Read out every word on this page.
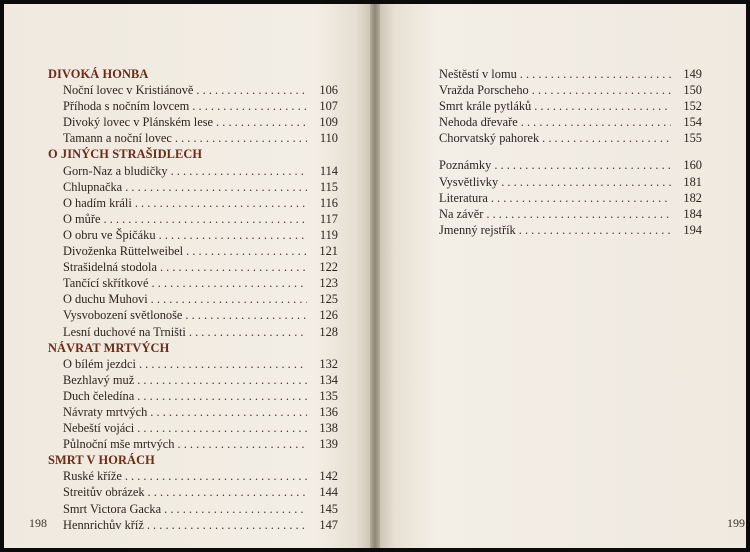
DIVOKÁ HONBA
Noční lovec v Kristiánově . . .	106
Příhoda s nočním lovcem . . .	107
Divoký lovec v Plánském lese . . .	109
Tamann a noční lovec . . .	110
O JINÝCH STRAŠIDLECH
Gorn-Naz a bludičky . . .	114
Chlupnačka . . .	115
O hadím králi . . .	116
O můře . . .	117
O obru ve Špičáku . . .	119
Divoženka Rüttelweibel . . .	121
Strašidelná stodola . . .	122
Tančící skřítkové . . .	123
O duchu Muhovi . . .	125
Vysvobození světlonoše . . .	126
Lesní duchové na Trništi . . .	128
NÁVRAT MRTVÝCH
O bílém jezdci . . .	132
Bezhlavý muž . . .	134
Duch čeledína . . .	135
Návraty mrtvých . . .	136
Nebeští vojáci . . .	138
Půlnoční mše mrtvých . . .	139
SMRT V HORÁCH
Ruské kříže . . .	142
Streitův obrázek . . .	144
Smrt Victora Gacka . . .	145
Hennrichův kříž . . .	147
198
Neštěstí v lomu . . .	149
Vražda Porscheho . . .	150
Smrt krále pytláků . . .	152
Nehoda dřevaře . . .	154
Chorvatský pahorek . . .	155
Poznámky . . .	160
Vysvětlivky . . .	181
Literatura . . .	182
Na závěr . . .	184
Jmenný rejstřík . . .	194
199
